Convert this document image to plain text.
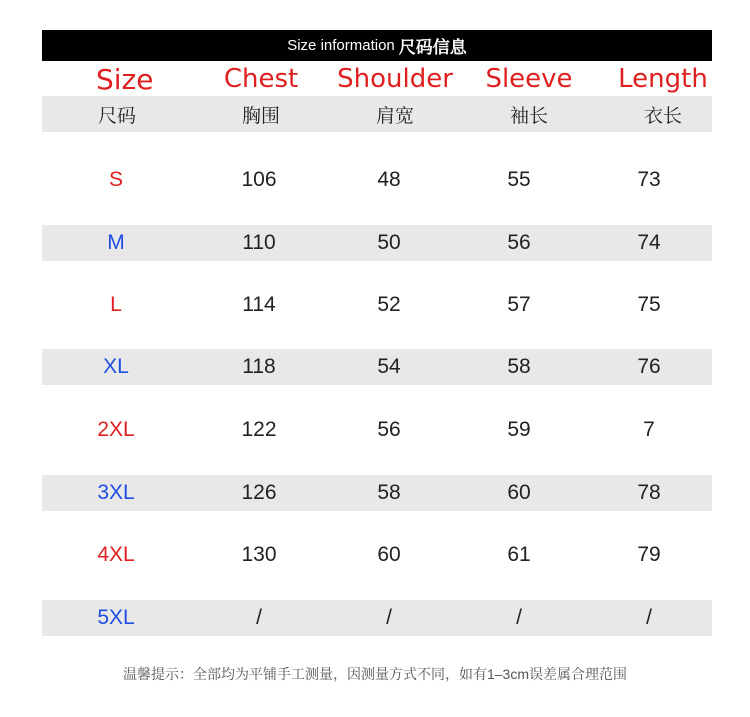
Size information 尺码信息
Size	Chest Shoulder Sleeve Length
尺码	胸围	肩宽	袖长	衣长
S	106	48	55	73
M	110	50	56	74
L	114	52	57	75
XL	118	54	58	76
2XL	122	56	59	7
3XL	126	58	60	78
4XL	130	60	61	79
5XL	/	/	/	/
温馨提示：全部均为平铺手工测量，因测量方式不同，如有1–3cm误差属合理范围
